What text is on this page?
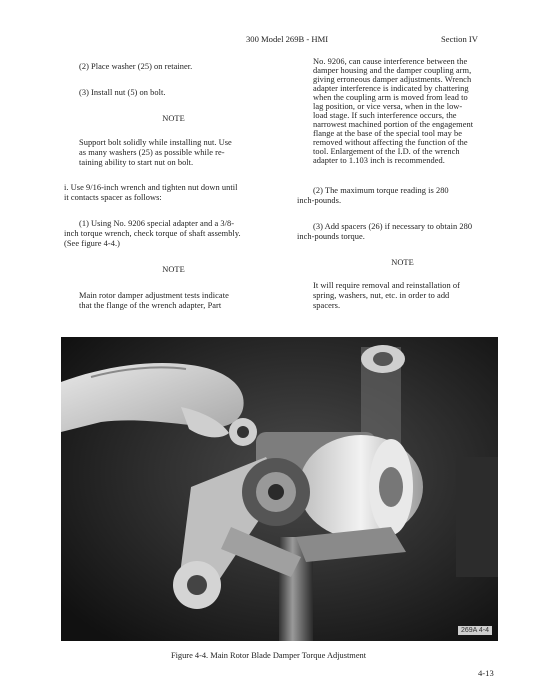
300 Model 269B - HMI	Section IV
(2) Place washer (25) on retainer.
(3) Install nut (5) on bolt.
NOTE
Support bolt solidly while installing nut. Use
as many washers (25) as possible while re-
taining ability to start nut on bolt.
i. Use 9/16-inch wrench and tighten nut down until
it contacts spacer as follows:
(1) Using No. 9206 special adapter and a 3/8-
inch torque wrench, check torque of shaft assembly.
(See figure 4-4.)
NOTE
Main rotor damper adjustment tests indicate
that the flange of the wrench adapter, Part
No. 9206, can cause interference between the
damper housing and the damper coupling arm,
giving erroneous damper adjustments. Wrench
adapter interference is indicated by chattering
when the coupling arm is moved from lead to
lag position, or vice versa, when in the low-
load stage. If such interference occurs, the
narrowest machined portion of the engagement
flange at the base of the special tool may be
removed without affecting the function of the
tool. Enlargement of the I.D. of the wrench
adapter to 1.103 inch is recommended.
(2) The maximum torque reading is 280
inch-pounds.
(3) Add spacers (26) if necessary to obtain 280
inch-pounds torque.
NOTE
It will require removal and reinstallation of
spring, washers, nut, etc. in order to add
spacers.
269A 4-4
Figure 4-4. Main Rotor Blade Damper Torque Adjustment
4-13
